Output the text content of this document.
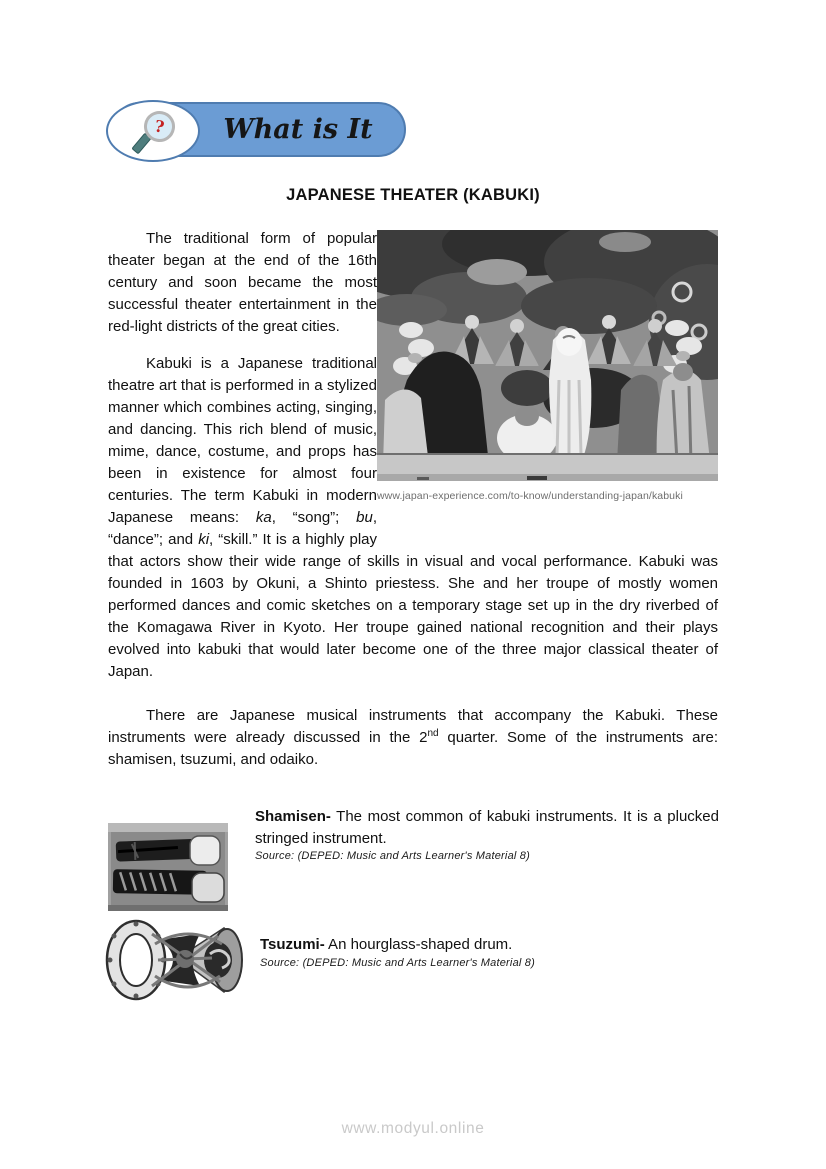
What is It
?
JAPANESE THEATER (KABUKI)
www.japan-experience.com/to-know/understanding-japan/kabuki

The traditional form of popular theater began at the end of the 16th century and soon became the most successful theater entertainment in the red-light districts of the great cities.

Kabuki is a Japanese traditional theatre art that is performed in a stylized manner which combines acting, singing, and dancing. This rich blend of music, mime, dance, costume, and props has been in existence for almost four centuries. The term Kabuki in modern Japanese means: ka, “song”; bu, “dance”; and ki, “skill.” It is a highly play that actors show their wide range of skills in visual and vocal performance. Kabuki was founded in 1603 by Okuni, a Shinto priestess. She and her troupe of mostly women performed dances and comic sketches on a temporary stage set up in the dry riverbed of the Komagawa River in Kyoto. Her troupe gained national recognition and their plays evolved into kabuki that would later become one of the three major classical theater of Japan.

There are Japanese musical instruments that accompany the Kabuki. These instruments were already discussed in the 2nd quarter. Some of the instruments are: shamisen, tsuzumi, and odaiko.

Shamisen- The most common of kabuki instruments. It is a plucked stringed instrument.

Source: (DEPED: Music and Arts Learner's Material 8)

Tsuzumi- An hourglass-shaped drum.

Source: (DEPED: Music and Arts Learner's Material 8)

www.modyul.online
